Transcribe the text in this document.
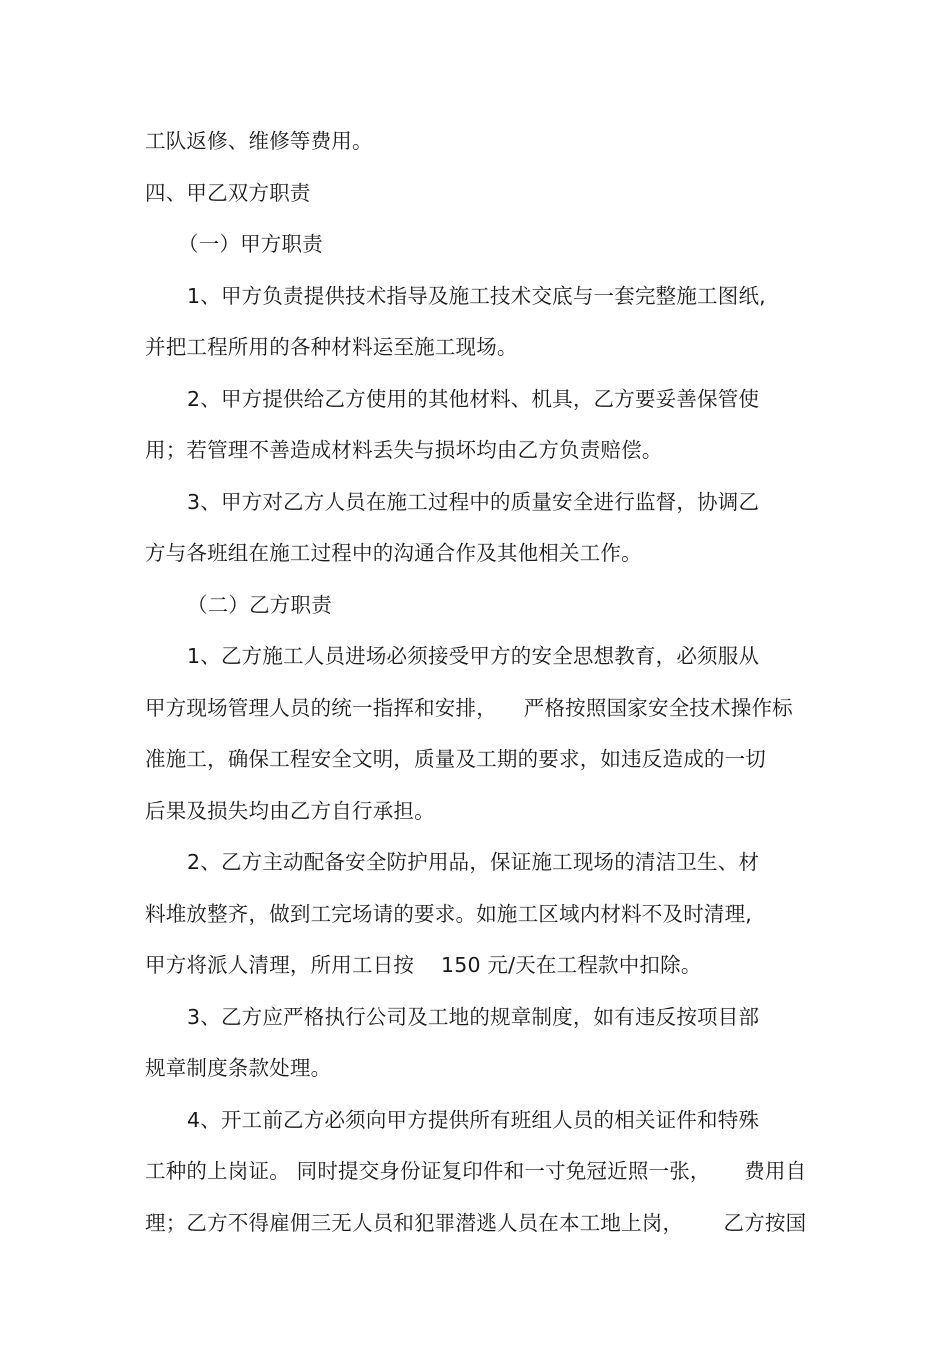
工队返修、维修等费用。
四、甲乙双方职责
（一）甲方职责
1、甲方负责提供技术指导及施工技术交底与一套完整施工图纸,
并把工程所用的各种材料运至施工现场。
2、甲方提供给乙方使用的其他材料、机具，乙方要妥善保管使
用；若管理不善造成材料丢失与损坏均由乙方负责赔偿。
3、甲方对乙方人员在施工过程中的质量安全进行监督，协调乙
方与各班组在施工过程中的沟通合作及其他相关工作。
（二）乙方职责
1、乙方施工人员进场必须接受甲方的安全思想教育，必须服从
甲方现场管理人员的统一指挥和安排，    严格按照国家安全技术操作标
准施工，确保工程安全文明，质量及工期的要求，如违反造成的一切
后果及损失均由乙方自行承担。
2、乙方主动配备安全防护用品，保证施工现场的清洁卫生、材
料堆放整齐，做到工完场请的要求。如施工区域内材料不及时清理,
甲方将派人清理，所用工日按    150 元/天在工程款中扣除。
3、乙方应严格执行公司及工地的规章制度，如有违反按项目部
规章制度条款处理。
4、开工前乙方必须向甲方提供所有班组人员的相关证件和特殊
工种的上岗证。 同时提交身份证复印件和一寸免冠近照一张，     费用自
理；乙方不得雇佣三无人员和犯罪潜逃人员在本工地上岗，      乙方按国
